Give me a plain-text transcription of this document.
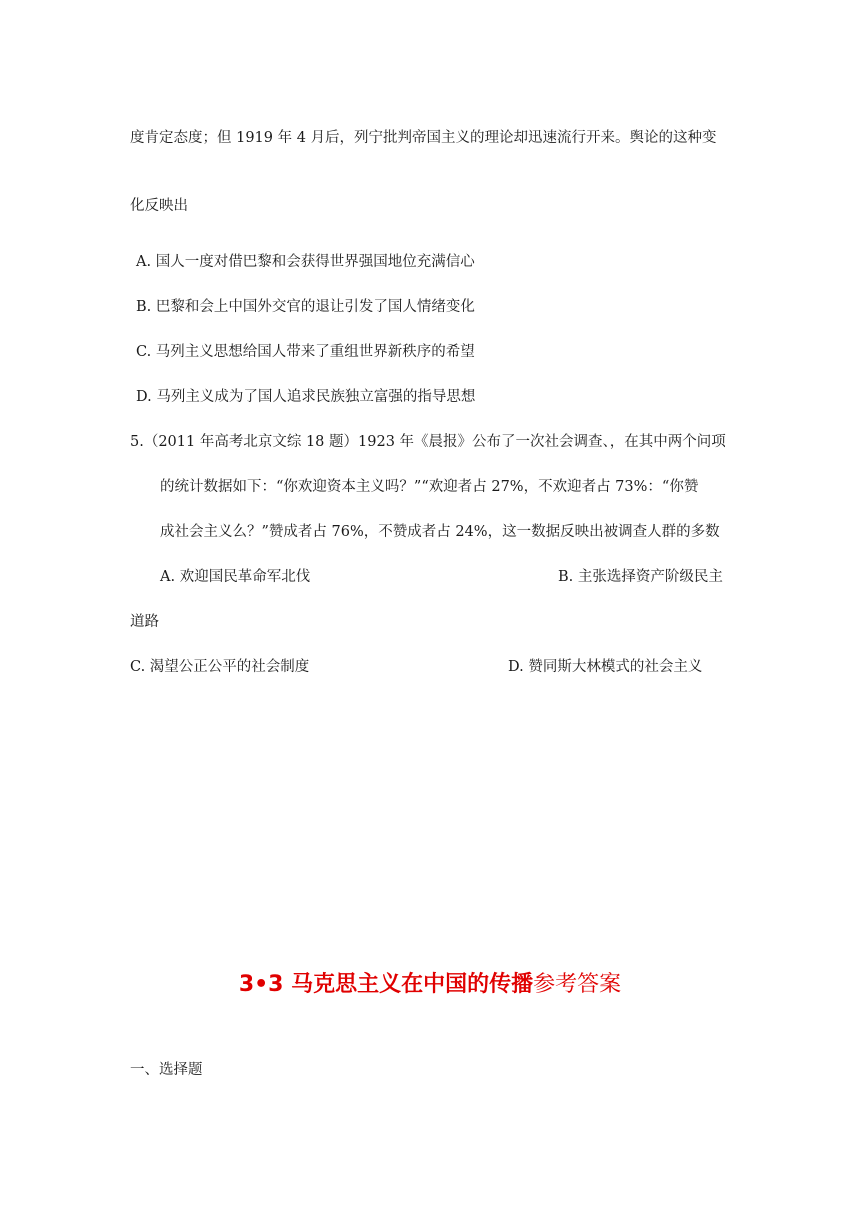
度肯定态度；但 1919 年 4 月后，列宁批判帝国主义的理论却迅速流行开来。舆论的这种变
化反映出
A. 国人一度对借巴黎和会获得世界强国地位充满信心
B. 巴黎和会上中国外交官的退让引发了国人情绪变化
C. 马列主义思想给国人带来了重组世界新秩序的希望
D. 马列主义成为了国人追求民族独立富强的指导思想
5.（2011 年高考北京文综 18 题）1923 年《晨报》公布了一次社会调查、，在其中两个问项
的统计数据如下：“你欢迎资本主义吗？”“欢迎者占 27%，不欢迎者占 73%：“你赞
成社会主义么？”赞成者占 76%，不赞成者占 24%，这一数据反映出被调查人群的多数
A. 欢迎国民革命军北伐	B. 主张选择资产阶级民主
道路
C. 渴望公正公平的社会制度	D. 赞同斯大林模式的社会主义
3•3 马克思主义在中国的传播参考答案
一、选择题
